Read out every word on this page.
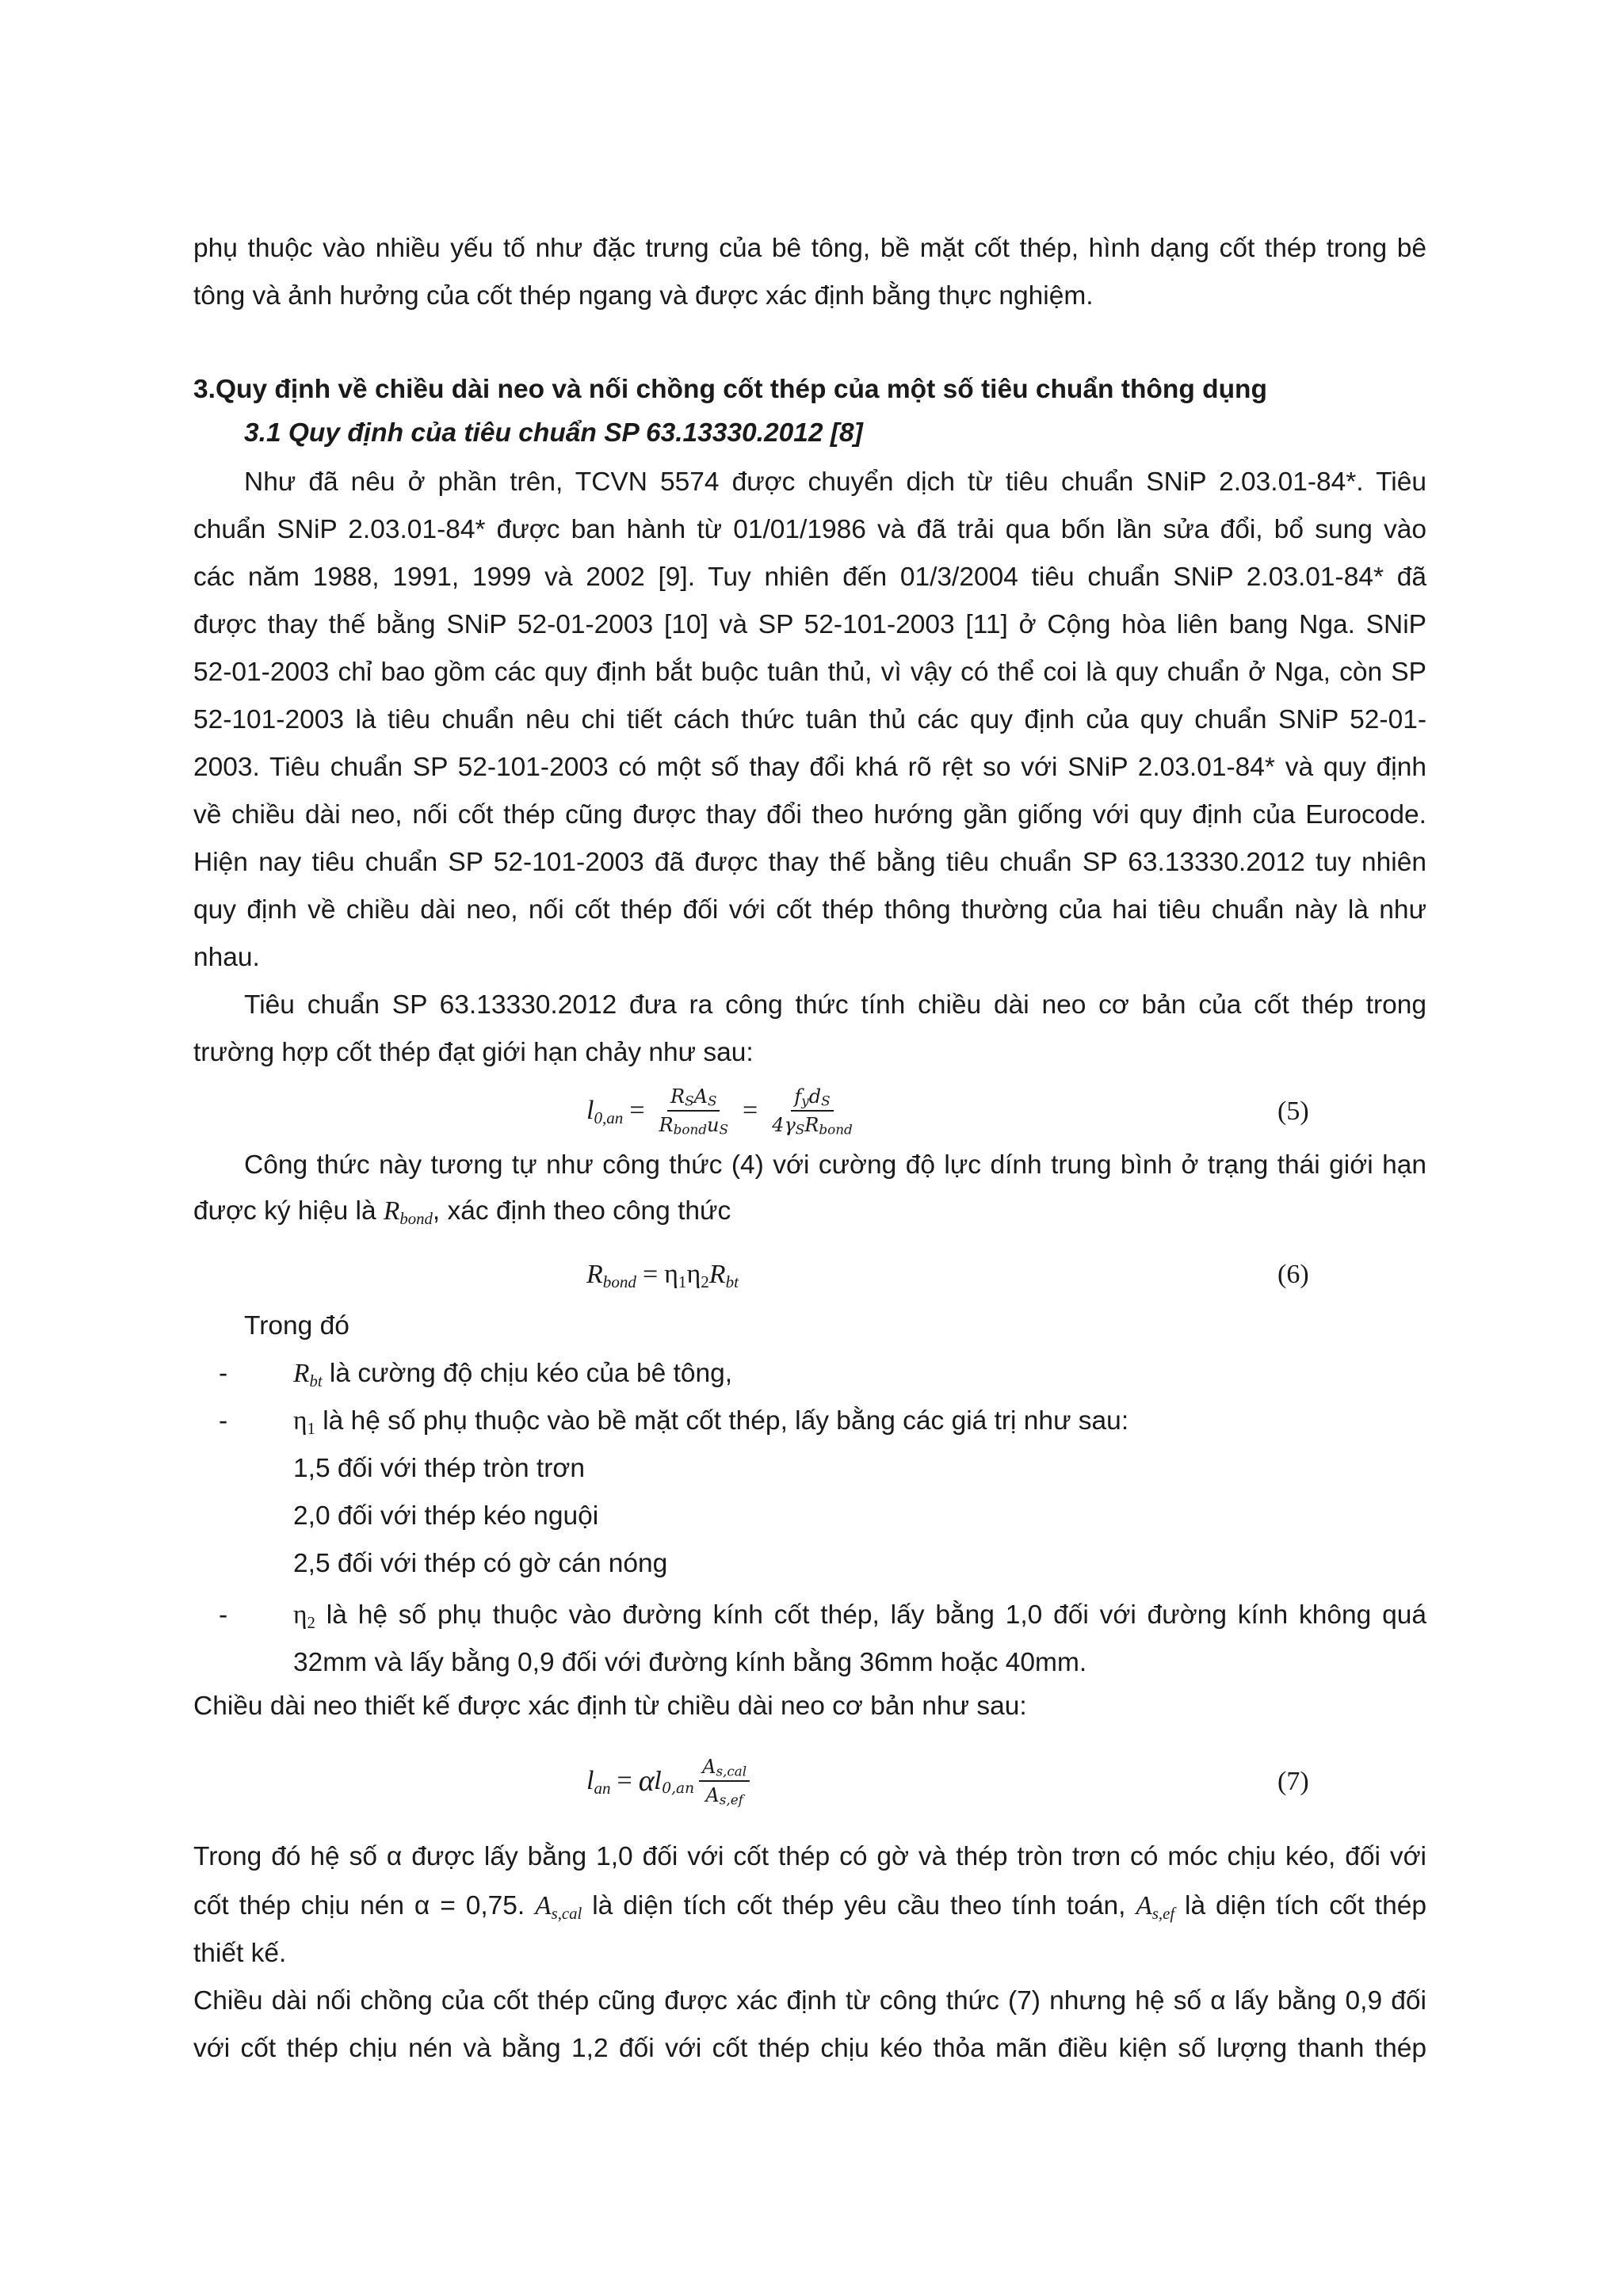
phụ thuộc vào nhiều yếu tố như đặc trưng của bê tông, bề mặt cốt thép, hình dạng cốt thép trong bê
tông và ảnh hưởng của cốt thép ngang và được xác định bằng thực nghiệm.
3.Quy định về chiều dài neo và nối chồng cốt thép của một số tiêu chuẩn thông dụng
3.1 Quy định của tiêu chuẩn SP 63.13330.2012 [8]
Như đã nêu ở phần trên, TCVN 5574 được chuyển dịch từ tiêu chuẩn SNiP 2.03.01-84*. Tiêu
chuẩn SNiP 2.03.01-84* được ban hành từ 01/01/1986 và đã trải qua bốn lần sửa đổi, bổ sung vào
các năm 1988, 1991, 1999 và 2002 [9]. Tuy nhiên đến 01/3/2004 tiêu chuẩn SNiP 2.03.01-84* đã
được thay thế bằng SNiP 52-01-2003 [10] và SP 52-101-2003 [11] ở Cộng hòa liên bang Nga. SNiP
52-01-2003 chỉ bao gồm các quy định bắt buộc tuân thủ, vì vậy có thể coi là quy chuẩn ở Nga, còn SP
52-101-2003 là tiêu chuẩn nêu chi tiết cách thức tuân thủ các quy định của quy chuẩn SNiP 52-01-
2003. Tiêu chuẩn SP 52-101-2003 có một số thay đổi khá rõ rệt so với SNiP 2.03.01-84* và quy định
về chiều dài neo, nối cốt thép cũng được thay đổi theo hướng gần giống với quy định của Eurocode.
Hiện nay tiêu chuẩn SP 52-101-2003 đã được thay thế bằng tiêu chuẩn SP 63.13330.2012 tuy nhiên
quy định về chiều dài neo, nối cốt thép đối với cốt thép thông thường của hai tiêu chuẩn này là như
nhau.
Tiêu chuẩn SP 63.13330.2012 đưa ra công thức tính chiều dài neo cơ bản của cốt thép trong
trường hợp cốt thép đạt giới hạn chảy như sau:
$l_{0,an} = \frac{R_SA_S}{R_{bond}u_S} = \frac{f_yd_S}{4\gamma_SR_{bond}}$	(5)
Công thức này tương tự như công thức (4) với cường độ lực dính trung bình ở trạng thái giới hạn
được ký hiệu là $R_{bond}$, xác định theo công thức
$R_{bond} = \eta_1\eta_2$ $R_{bt}$	(6)
Trong đó
- $R_{bt}$ là cường độ chịu kéo của bê tông,
- $\eta_1$ là hệ số phụ thuộc vào bề mặt cốt thép, lấy bằng các giá trị như sau:
1,5 đối với thép tròn trơn
2,0 đối với thép kéo nguội
2,5 đối với thép có gờ cán nóng
- $\eta_2$ là hệ số phụ thuộc vào đường kính cốt thép, lấy bằng 1,0 đối với đường kính không quá
32mm và lấy bằng 0,9 đối với đường kính bằng 36mm hoặc 40mm.
Chiều dài neo thiết kế được xác định từ chiều dài neo cơ bản như sau:
$l_{an} = \alpha$ $l_{0,an} \frac{A_{s,cal}}{A_{s,ef}}$	(7)
Trong đó hệ số α được lấy bằng 1,0 đối với cốt thép có gờ và thép tròn trơn có móc chịu kéo, đối với
cốt thép chịu nén α = 0,75. $A_{s,cal}$ là diện tích cốt thép yêu cầu theo tính toán, $A_{s,ef}$ là diện tích cốt thép
thiết kế.
Chiều dài nối chồng của cốt thép cũng được xác định từ công thức (7) nhưng hệ số α lấy bằng 0,9 đối
với cốt thép chịu nén và bằng 1,2 đối với cốt thép chịu kéo thỏa mãn điều kiện số lượng thanh thép
